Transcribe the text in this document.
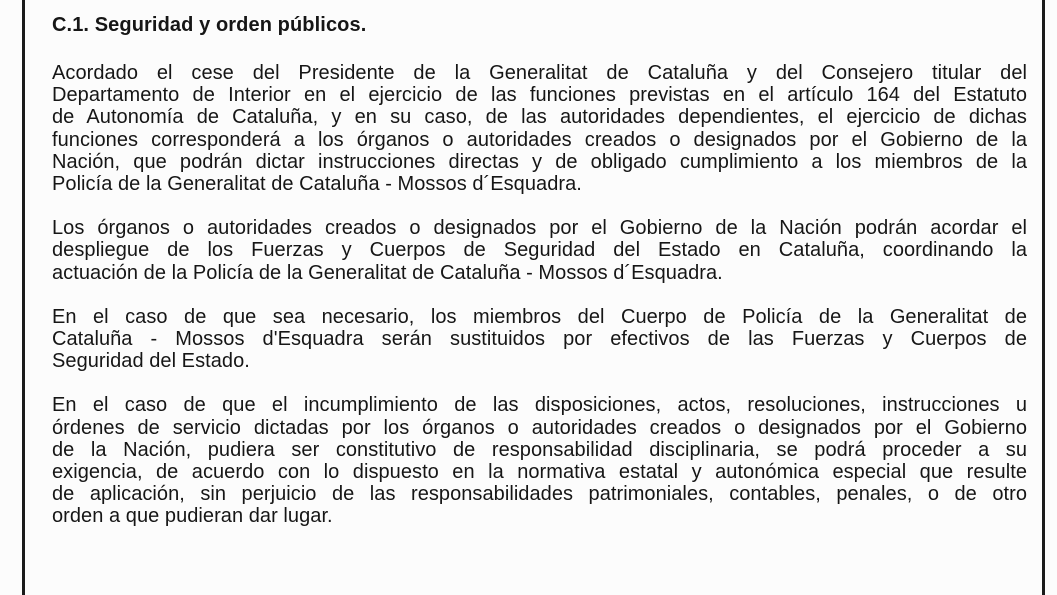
C.1. Seguridad y orden públicos.
Acordado el cese del Presidente de la Generalitat de Cataluña y del Consejero titular del
Departamento de Interior en el ejercicio de las funciones previstas en el artículo 164 del Estatuto
de Autonomía de Cataluña, y en su caso, de las autoridades dependientes, el ejercicio de dichas
funciones corresponderá a los órganos o autoridades creados o designados por el Gobierno de la
Nación, que podrán dictar instrucciones directas y de obligado cumplimiento a los miembros de la
Policía de la Generalitat de Cataluña - Mossos d´Esquadra.
Los órganos o autoridades creados o designados por el Gobierno de la Nación podrán acordar el
despliegue de los Fuerzas y Cuerpos de Seguridad del Estado en Cataluña, coordinando la
actuación de la Policía de la Generalitat de Cataluña - Mossos d´Esquadra.
En el caso de que sea necesario, los miembros del Cuerpo de Policía de la Generalitat de
Cataluña - Mossos d'Esquadra serán sustituidos por efectivos de las Fuerzas y Cuerpos de
Seguridad del Estado.
En el caso de que el incumplimiento de las disposiciones, actos, resoluciones, instrucciones u
órdenes de servicio dictadas por los órganos o autoridades creados o designados por el Gobierno
de la Nación, pudiera ser constitutivo de responsabilidad disciplinaria, se podrá proceder a su
exigencia, de acuerdo con lo dispuesto en la normativa estatal y autonómica especial que resulte
de aplicación, sin perjuicio de las responsabilidades patrimoniales, contables, penales, o de otro
orden a que pudieran dar lugar.
